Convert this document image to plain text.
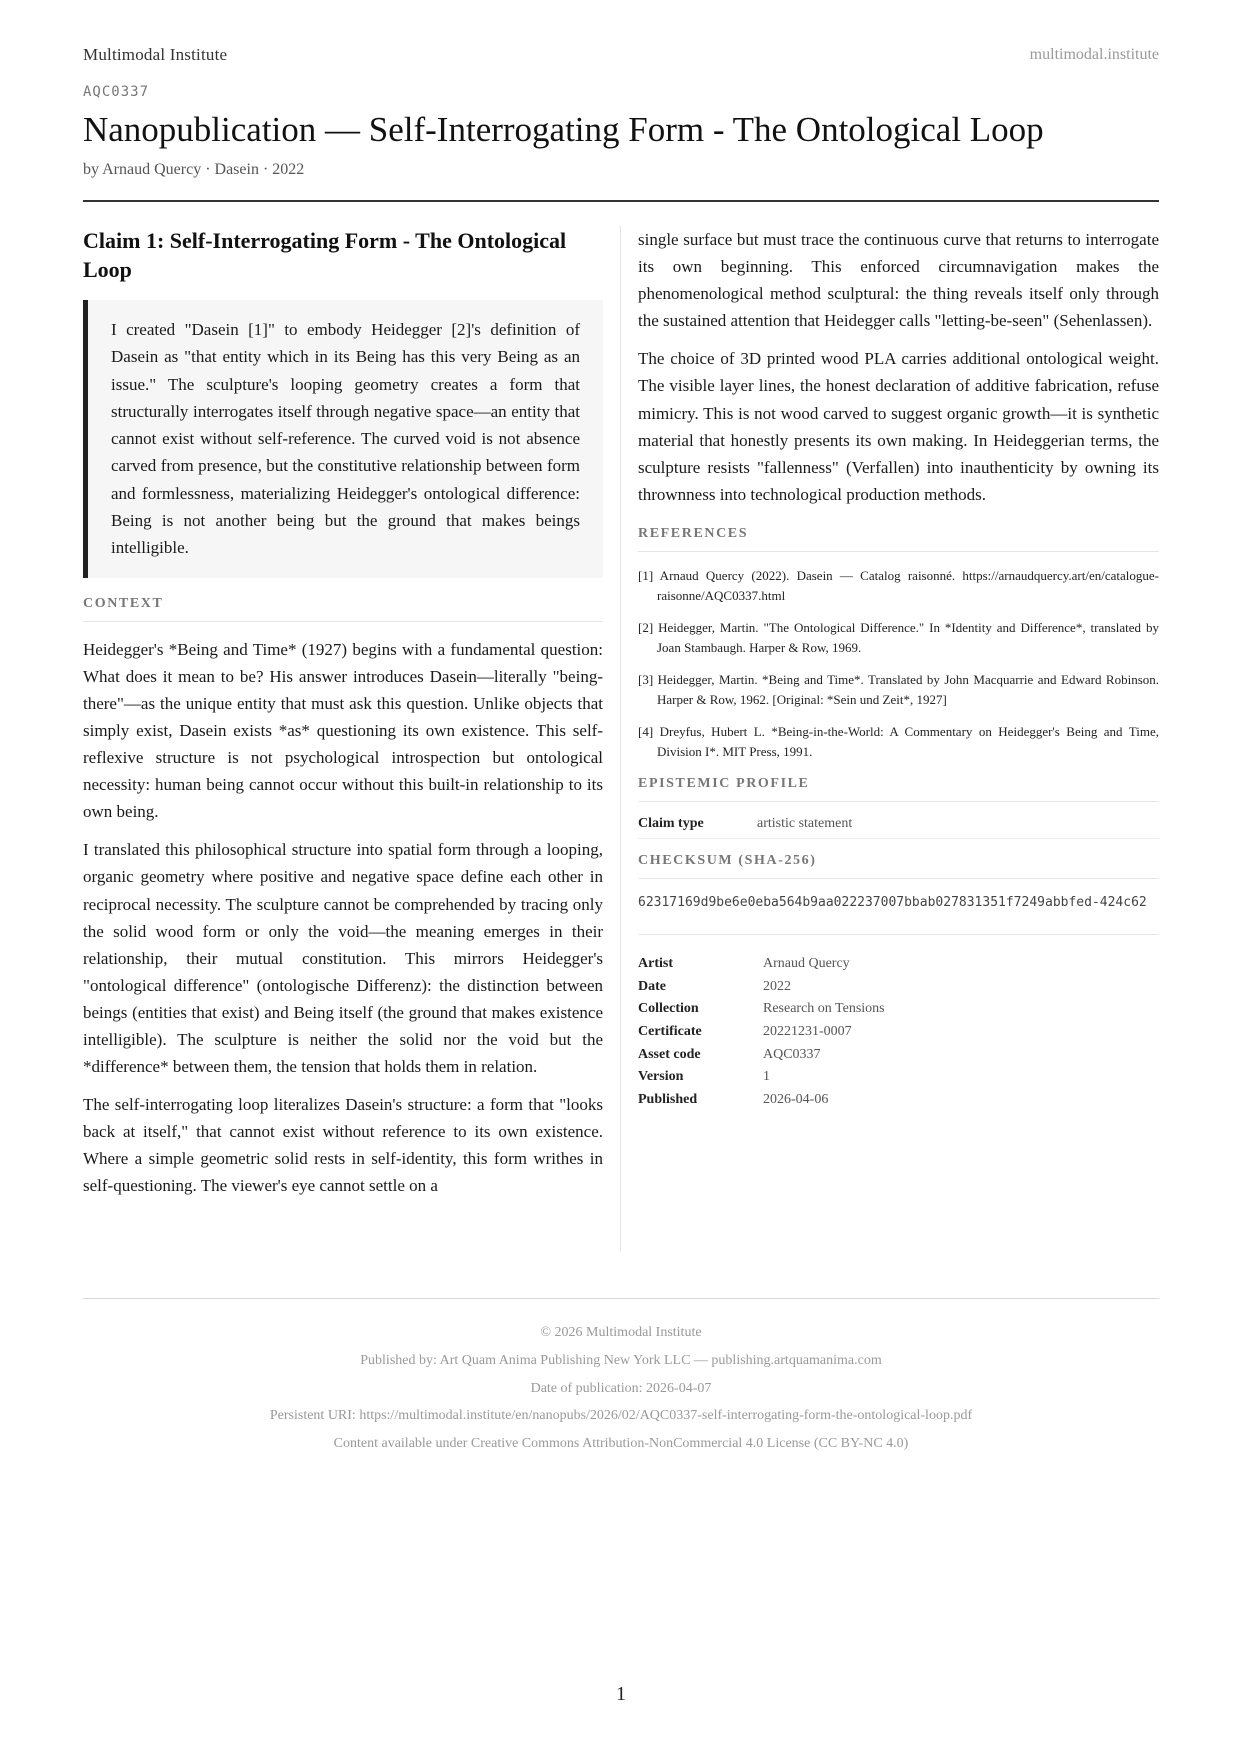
Multimodal Institute	multimodal.institute
AQC0337
Nanopublication — Self-Interrogating Form - The Ontological Loop
by Arnaud Quercy · Dasein · 2022
Claim 1: Self-Interrogating Form - The Ontological Loop

I created "Dasein [1]" to embody Heidegger [2]'s definition of Dasein as "that entity which in its Being has this very Being as an issue." The sculpture's looping geometry creates a form that structurally interrogates itself through negative space—an entity that cannot exist without self-reference. The curved void is not absence carved from presence, but the constitutive relationship between form and formlessness, materializing Heidegger's ontological difference: Being is not another being but the ground that makes beings intelligible.

CONTEXT

Heidegger's *Being and Time* (1927) begins with a fundamental question: What does it mean to be? His answer introduces Dasein—literally "being-there"—as the unique entity that must ask this question. Unlike objects that simply exist, Dasein exists *as* questioning its own existence. This self-reflexive structure is not psychological introspection but ontological necessity: human being cannot occur without this built-in relationship to its own being.

I translated this philosophical structure into spatial form through a looping, organic geometry where positive and negative space define each other in reciprocal necessity. The sculpture cannot be comprehended by tracing only the solid wood form or only the void—the meaning emerges in their relationship, their mutual constitution. This mirrors Heidegger's "ontological difference" (ontologische Differenz): the distinction between beings (entities that exist) and Being itself (the ground that makes existence intelligible). The sculpture is neither the solid nor the void but the *difference* between them, the tension that holds them in relation.

The self-interrogating loop literalizes Dasein's structure: a form that "looks back at itself," that cannot exist without reference to its own existence. Where a simple geometric solid rests in self-identity, this form writhes in self-questioning. The viewer's eye cannot settle on a

single surface but must trace the continuous curve that returns to interrogate its own beginning. This enforced circumnavigation makes the phenomenological method sculptural: the thing reveals itself only through the sustained attention that Heidegger calls "letting-be-seen" (Sehenlassen).

The choice of 3D printed wood PLA carries additional ontological weight. The visible layer lines, the honest declaration of additive fabrication, refuse mimicry. This is not wood carved to suggest organic growth—it is synthetic material that honestly presents its own making. In Heideggerian terms, the sculpture resists "fallenness" (Verfallen) into inauthenticity by owning its thrownness into technological production methods.

REFERENCES
[1] Arnaud Quercy (2022). Dasein — Catalog raisonné. https://arnaudquercy.art/en/catalogue-raisonne/AQC0337.html
[2] Heidegger, Martin. "The Ontological Difference." In *Identity and Difference*, translated by Joan Stambaugh. Harper & Row, 1969.
[3] Heidegger, Martin. *Being and Time*. Translated by John Macquarrie and Edward Robinson. Harper & Row, 1962. [Original: *Sein und Zeit*, 1927]
[4] Dreyfus, Hubert L. *Being-in-the-World: A Commentary on Heidegger's Being and Time, Division I*. MIT Press, 1991.
EPISTEMIC PROFILE
Claim type	artistic statement
CHECKSUM (SHA-256)
62317169d9be6e0eba564b9aa022237007bbab027831351f7249abbfed-424c62
Artist	Arnaud Quercy
Date	2022
Collection	Research on Tensions
Certificate	20221231-0007
Asset code	AQC0337
Version	1
Published	2026-04-06
© 2026 Multimodal Institute
Published by: Art Quam Anima Publishing New York LLC — publishing.artquamanima.com
Date of publication: 2026-04-07
Persistent URI: https://multimodal.institute/en/nanopubs/2026/02/AQC0337-self-interrogating-form-the-ontological-loop.pdf
Content available under Creative Commons Attribution-NonCommercial 4.0 License (CC BY-NC 4.0)
1
